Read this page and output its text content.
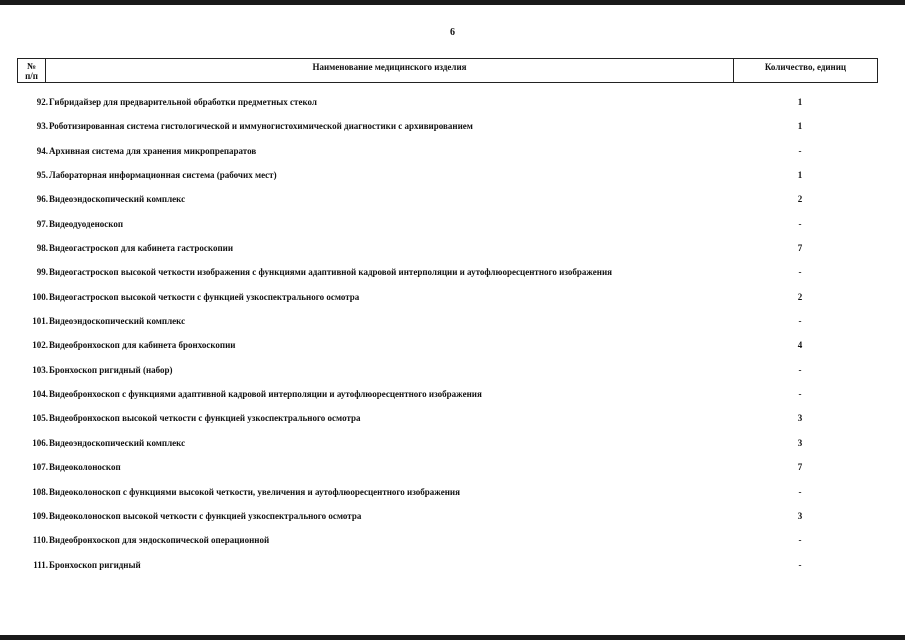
6
№
п/п
Наименование медицинского изделия	Количество, единиц
92. Гибридайзер для предварительной обработки предметных стекол	1
93. Роботизированная система гистологической и иммуногистохимической диагностики с архивированием	1
94. Архивная система для хранения микропрепаратов	-
95. Лабораторная информационная система (рабочих мест)	1
96. Видеоэндоскопический комплекс	2
97. Видеодуоденоскоп	-
98. Видеогастроскоп для кабинета гастроскопии	7
99. Видеогастроскоп высокой четкости изображения с функциями адаптивной кадровой интерполяции и аутофлюоресцентного изображения	-
100. Видеогастроскоп высокой четкости с функцией узкоспектрального осмотра	2
101. Видеоэндоскопический комплекс	-
102. Видеобронхоскоп для кабинета бронхоскопии	4
103. Бронхоскоп ригидный (набор)	-
104. Видеобронхоскоп с функциями адаптивной кадровой интерполяции и аутофлюоресцентного изображения	-
105. Видеобронхоскоп высокой четкости с функцией узкоспектрального осмотра	3
106. Видеоэндоскопический комплекс	3
107. Видеоколоноскоп	7
108. Видеоколоноскоп с функциями высокой четкости, увеличения и аутофлюоресцентного изображения	-
109. Видеоколоноскоп высокой четкости с функцией узкоспектрального осмотра	3
110. Видеобронхоскоп для эндоскопической операционной	-
111. Бронхоскоп ригидный	-
